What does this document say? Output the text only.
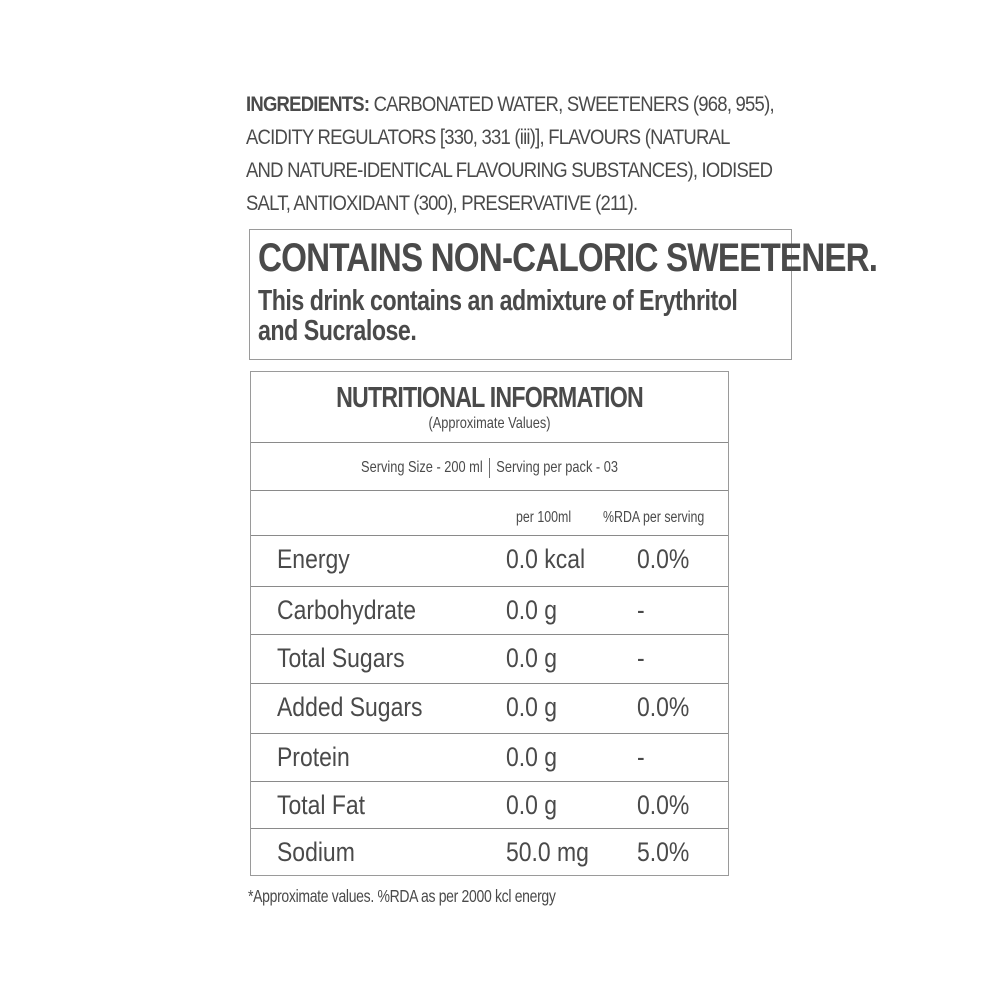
INGREDIENTS: CARBONATED WATER, SWEETENERS (968, 955),
ACIDITY REGULATORS [330, 331 (iii)], FLAVOURS (NATURAL
AND NATURE-IDENTICAL FLAVOURING SUBSTANCES), IODISED
SALT, ANTIOXIDANT (300), PRESERVATIVE (211).
CONTAINS NON-CALORIC SWEETENER.
This drink contains an admixture of Erythritol
and Sucralose.
NUTRITIONAL INFORMATION
(Approximate Values)
Serving Size - 200 ml Serving per pack - 03
per 100ml %RDA per serving
Energy	0.0 kcal 0.0%
Carbohydrate	0.0 g	-
Total Sugars	0.0 g	-
Added Sugars	0.0 g	0.0%
Protein	0.0 g	-
Total Fat	0.0 g	0.0%
Sodium	50.0 mg 5.0%
*Approximate values. %RDA as per 2000 kcl energy
